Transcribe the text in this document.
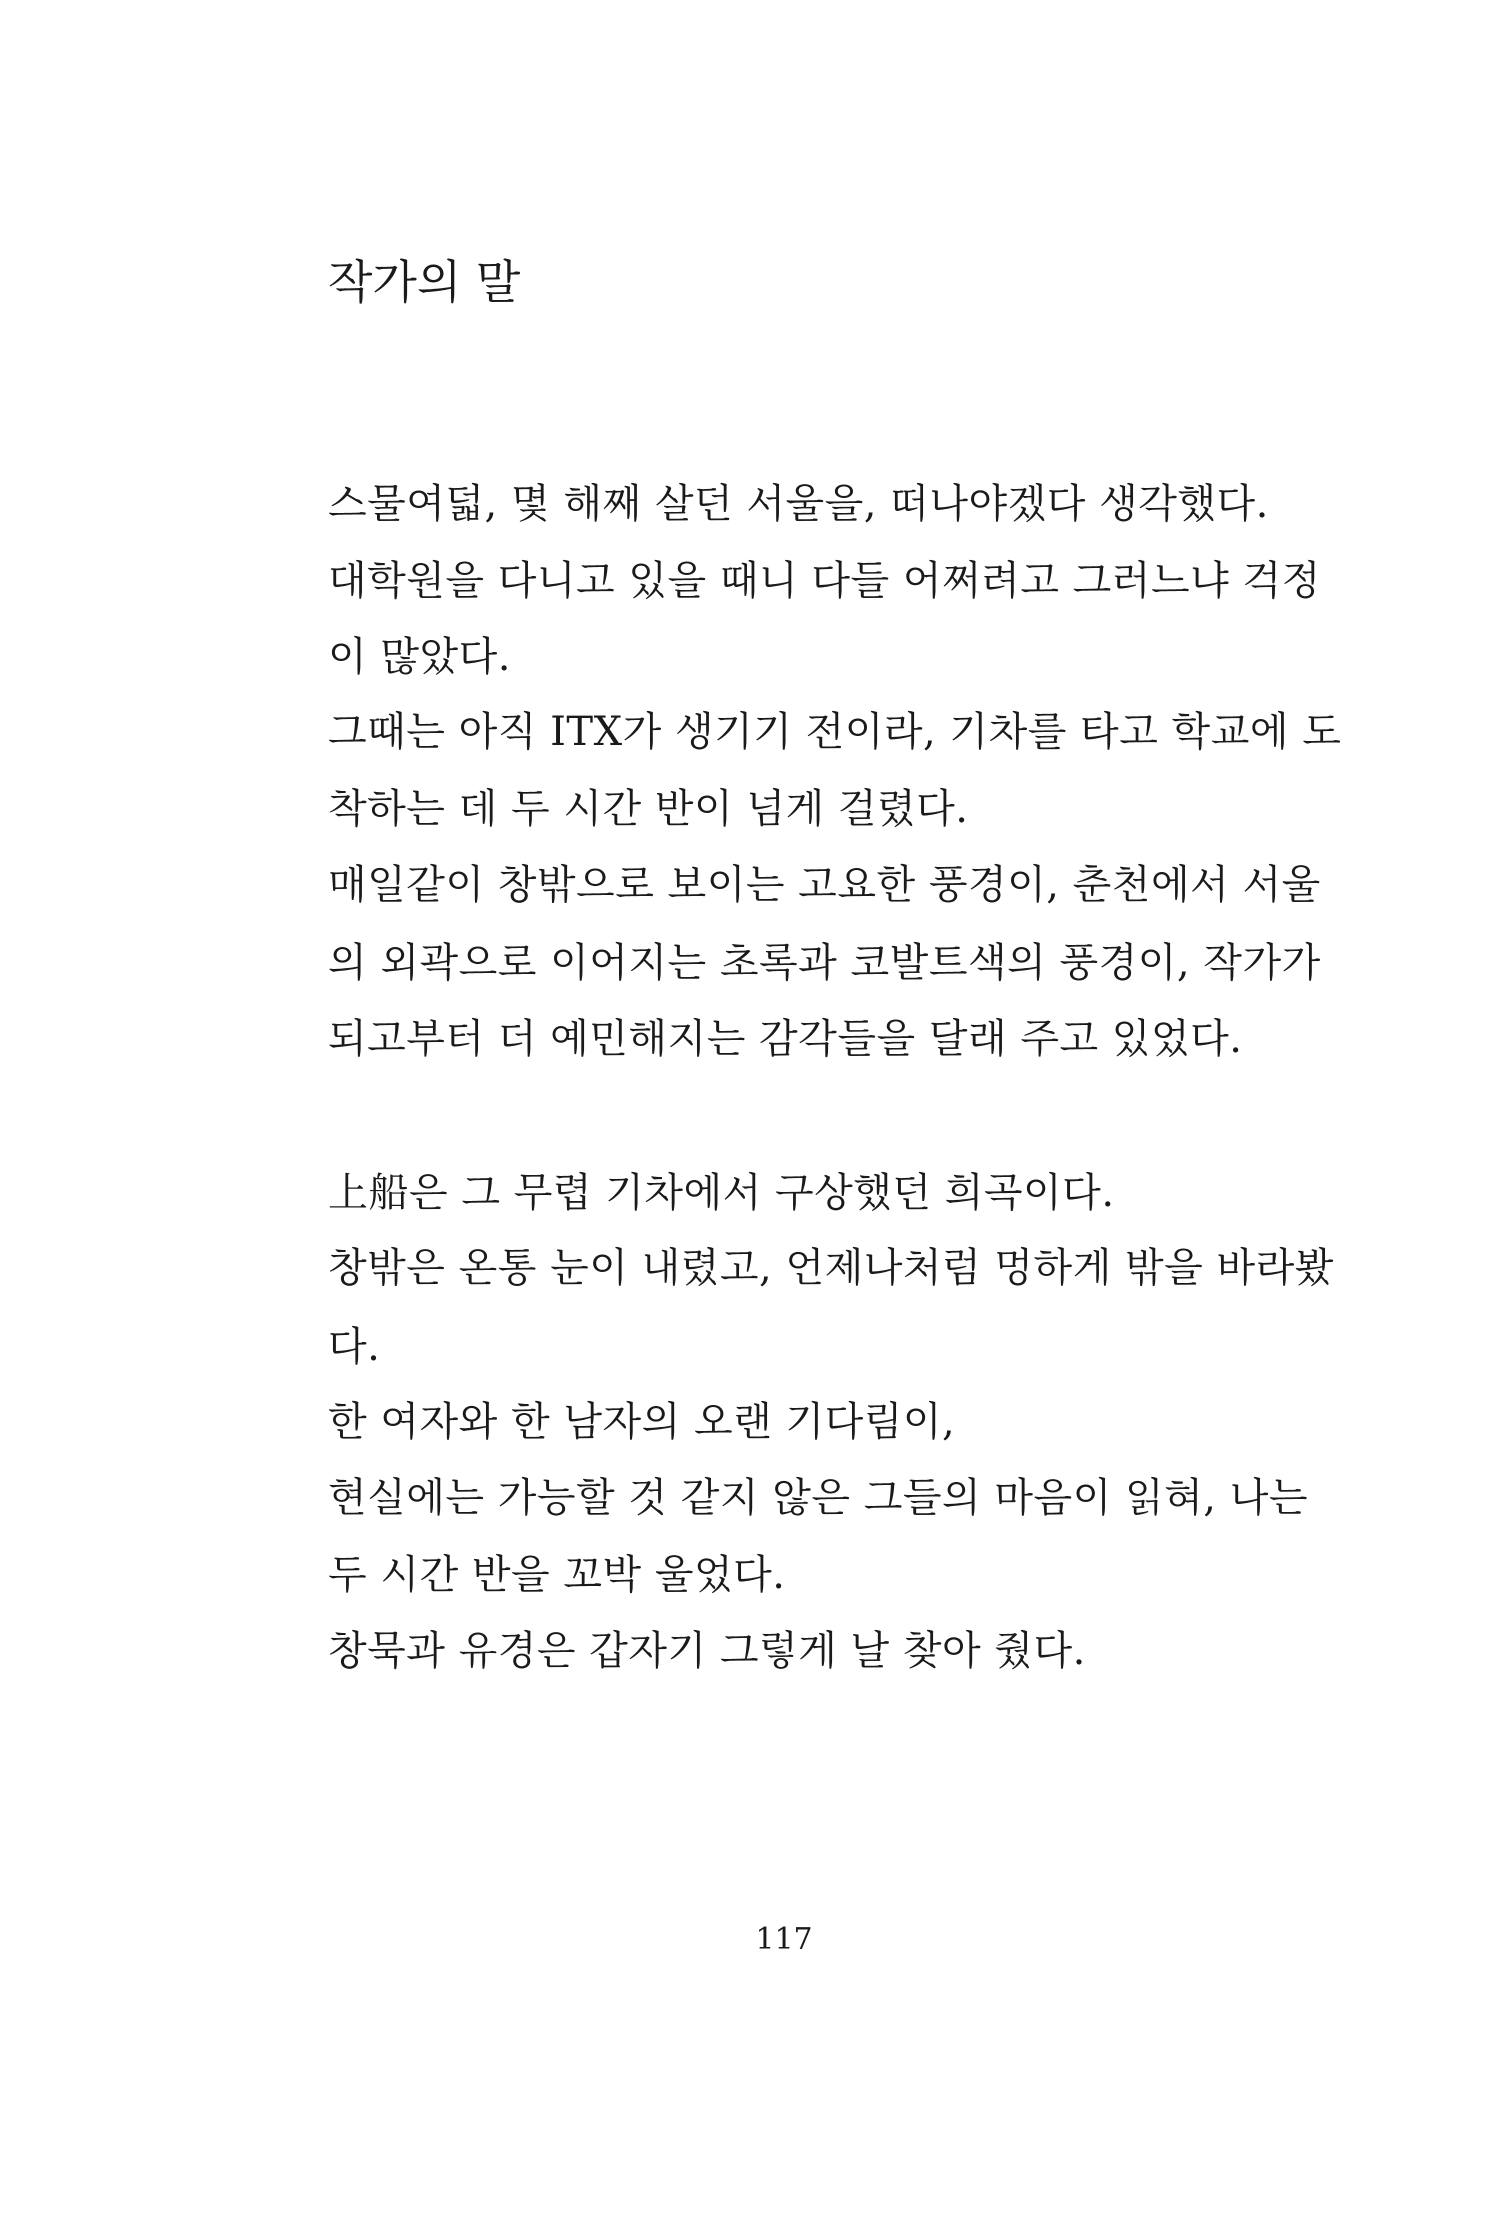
작가의 말
스물여덟, 몇 해째 살던 서울을, 떠나야겠다 생각했다.
대학원을 다니고 있을 때니 다들 어쩌려고 그러느냐 걱정
이 많았다.
그때는 아직 ITX가 생기기 전이라, 기차를 타고 학교에 도
착하는 데 두 시간 반이 넘게 걸렸다.
매일같이 창밖으로 보이는 고요한 풍경이, 춘천에서 서울
의 외곽으로 이어지는 초록과 코발트색의 풍경이, 작가가
되고부터 더 예민해지는 감각들을 달래 주고 있었다.
上船은 그 무렵 기차에서 구상했던 희곡이다.
창밖은 온통 눈이 내렸고, 언제나처럼 멍하게 밖을 바라봤
다.
한 여자와 한 남자의 오랜 기다림이,
현실에는 가능할 것 같지 않은 그들의 마음이 읽혀, 나는
두 시간 반을 꼬박 울었다.
창묵과 유경은 갑자기 그렇게 날 찾아 줬다.
117
